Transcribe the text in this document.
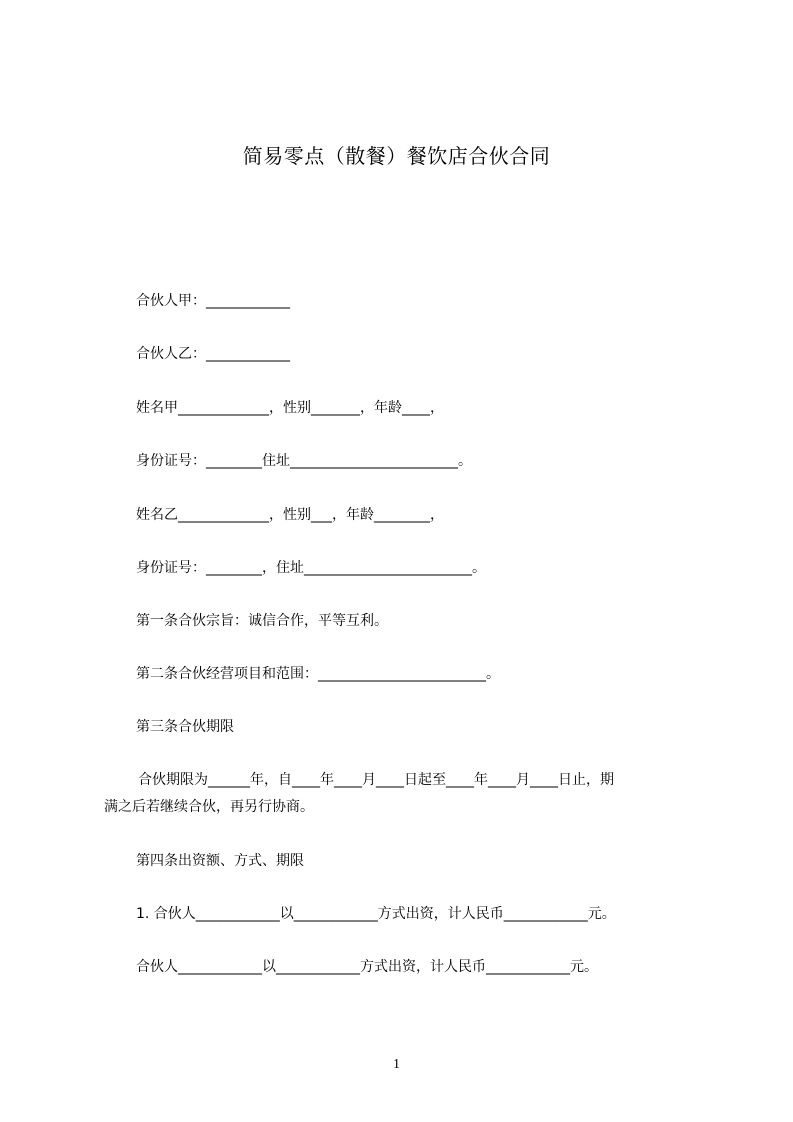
简易零点（散餐）餐饮店合伙合同
合伙人甲：____________
合伙人乙：____________
姓名甲_____________，性别_______，年龄____，
身份证号：________住址________________________。
姓名乙_____________，性别___，年龄________，
身份证号：________，住址________________________。
第一条合伙宗旨：诚信合作，平等互利。
第二条合伙经营项目和范围：________________________。
第三条合伙期限
合伙期限为______年，自____年____月____日起至____年____月____日止，期
满之后若继续合伙，再另行协商。
第四条出资额、方式、期限
1. 合伙人____________以____________方式出资，计人民币____________元。
合伙人____________以____________方式出资，计人民币____________元。
1
